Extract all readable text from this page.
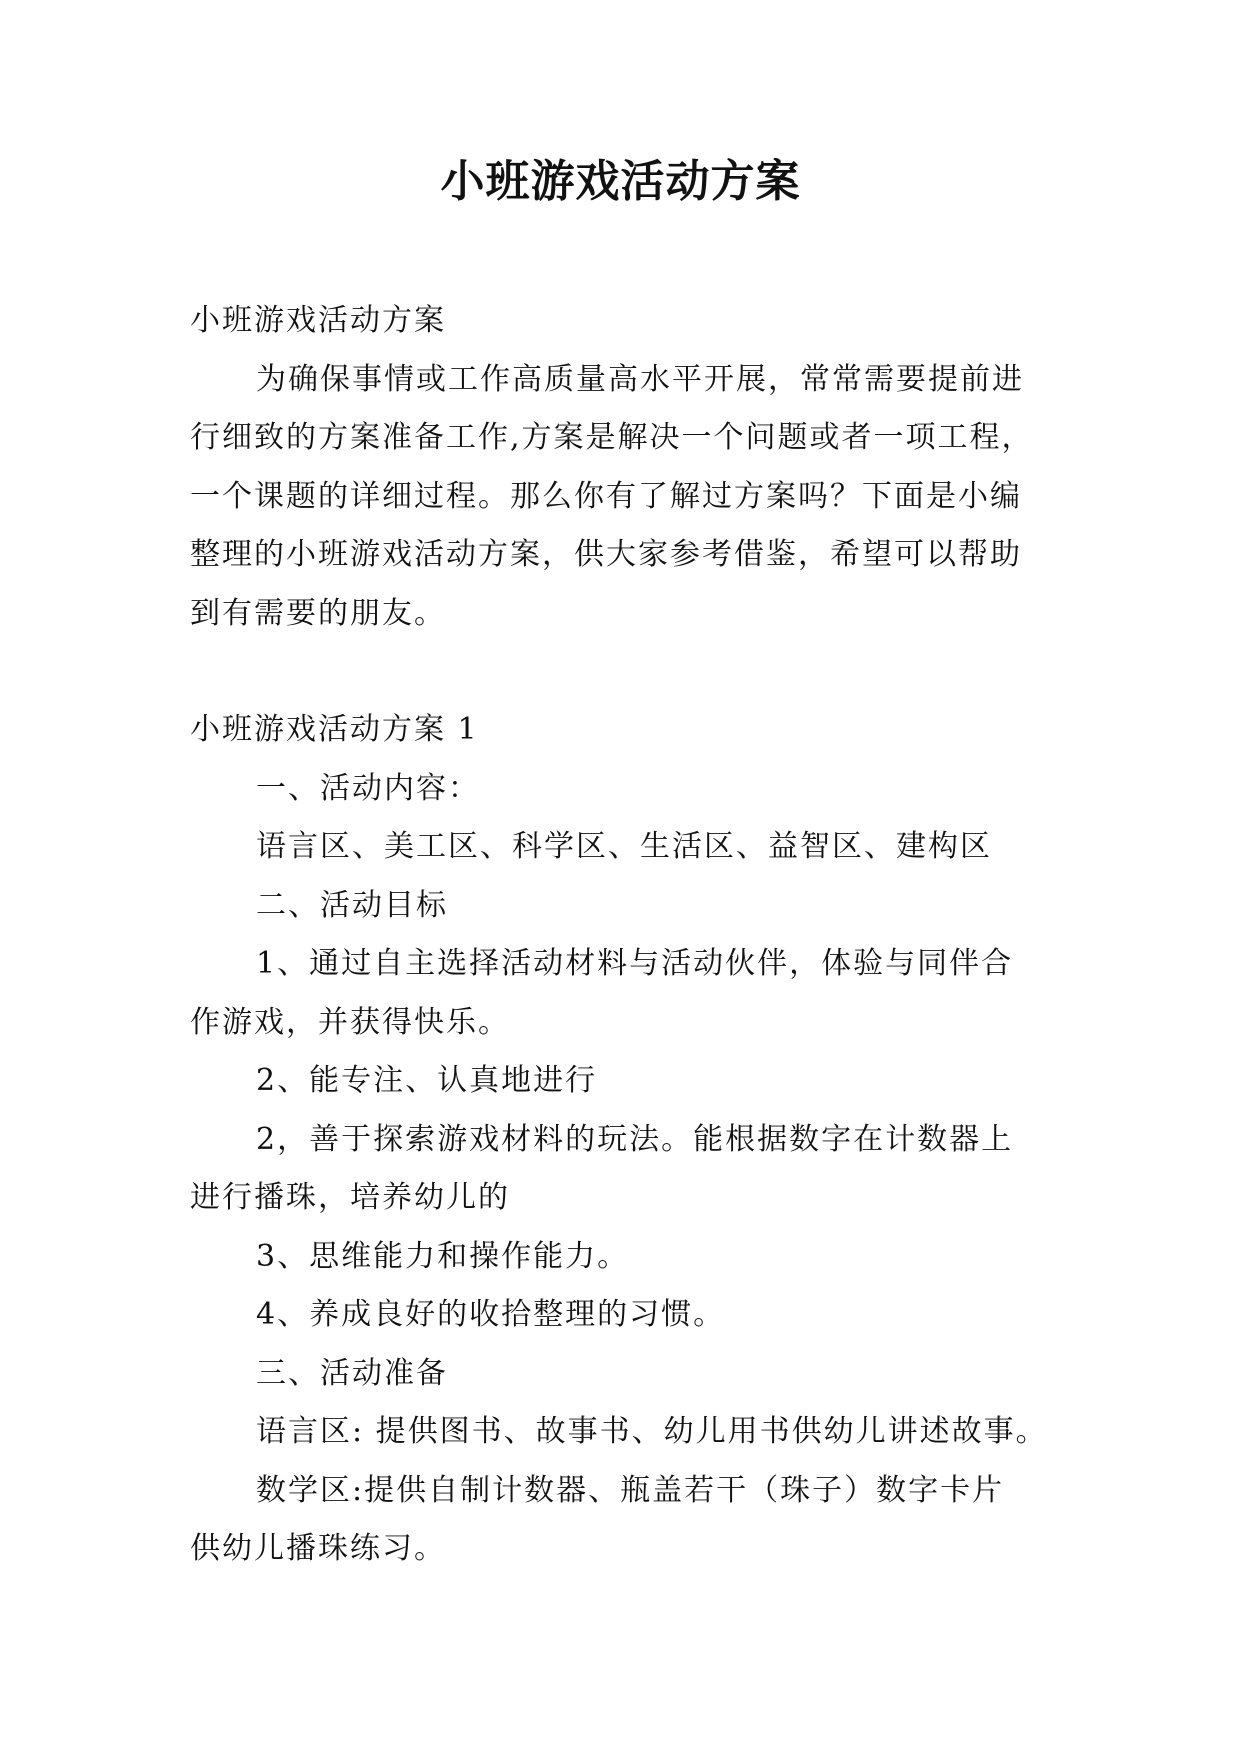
小班游戏活动方案
小班游戏活动方案
为确保事情或工作高质量高水平开展，常常需要提前进
行细致的方案准备工作,方案是解决一个问题或者一项工程，
一个课题的详细过程。那么你有了解过方案吗？下面是小编
整理的小班游戏活动方案，供大家参考借鉴，希望可以帮助
到有需要的朋友。
小班游戏活动方案 1
一、活动内容：
语言区、美工区、科学区、生活区、益智区、建构区
二、活动目标
1、通过自主选择活动材料与活动伙伴，体验与同伴合
作游戏，并获得快乐。
2、能专注、认真地进行
2，善于探索游戏材料的玩法。能根据数字在计数器上
进行播珠，培养幼儿的
3、思维能力和操作能力。
4、养成良好的收拾整理的习惯。
三、活动准备
语言区: 提供图书、故事书、幼儿用书供幼儿讲述故事。
数学区:提供自制计数器、瓶盖若干（珠子）数字卡片
供幼儿播珠练习。
